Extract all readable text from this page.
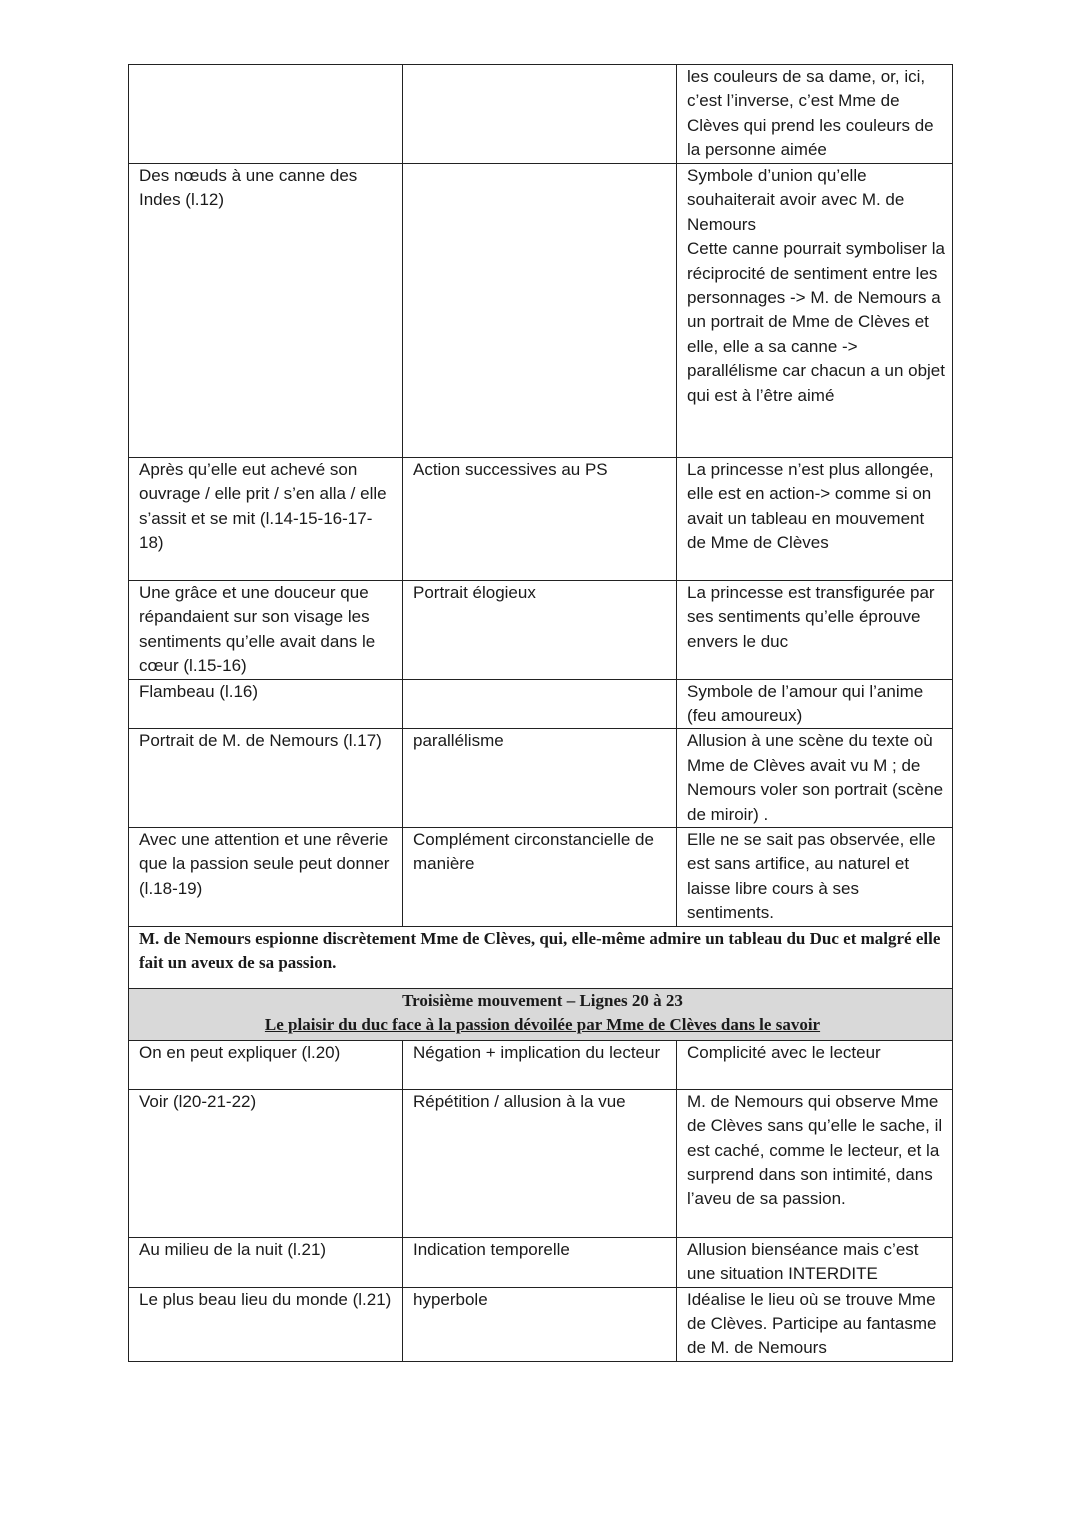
		les couleurs de sa dame, or, ici, c’est l’inverse, c’est Mme de Clèves qui prend les couleurs de la personne aimée
Des nœuds à une canne des Indes (l.12)		Symbole d’union qu’elle souhaiterait avoir avec M. de Nemours
Cette canne pourrait symboliser la réciprocité de sentiment entre les personnages -> M. de Nemours a un portrait de Mme de Clèves et elle, elle a sa canne -> parallélisme car chacun a un objet qui est à l’être aimé
Après qu’elle eut achevé son ouvrage / elle prit / s’en alla / elle s’assit et se mit (l.14-15-16-17-18)	Action successives au PS	La princesse n’est plus allongée, elle est en action-> comme si on avait un tableau en mouvement de Mme de Clèves
Une grâce et une douceur que répandaient sur son visage les sentiments qu’elle avait dans le cœur (l.15-16)	Portrait élogieux	La princesse est transfigurée par ses sentiments qu’elle éprouve envers le duc
Flambeau (l.16)		Symbole de l’amour qui l’anime (feu amoureux)
Portrait de M. de Nemours (l.17)	parallélisme	Allusion à une scène du texte où Mme de Clèves avait vu M ; de Nemours voler son portrait (scène de miroir) .
Avec une attention et une rêverie que la passion seule peut donner (l.18-19)	Complément circonstancielle de manière	Elle ne se sait pas observée, elle est sans artifice, au naturel et laisse libre cours à ses sentiments.
M. de Nemours espionne discrètement Mme de Clèves, qui, elle-même admire un tableau du Duc et malgré elle fait un aveux de sa passion.		

Troisième mouvement – Lignes 20 à 23
Le plaisir du duc face à la passion dévoilée par Mme de Clèves dans le savoir		

On en peut expliquer (l.20)	Négation + implication du lecteur	Complicité avec le lecteur
Voir (l20-21-22)	Répétition / allusion à la vue	M. de Nemours qui observe Mme de Clèves sans qu’elle le sache, il est caché, comme le lecteur, et la surprend dans son intimité, dans l’aveu de sa passion.
Au milieu de la nuit (l.21)	Indication temporelle	Allusion bienséance mais c’est une situation INTERDITE
Le plus beau lieu du monde (l.21)	hyperbole	Idéalise le lieu où se trouve Mme de Clèves. Participe au fantasme de M. de Nemours
